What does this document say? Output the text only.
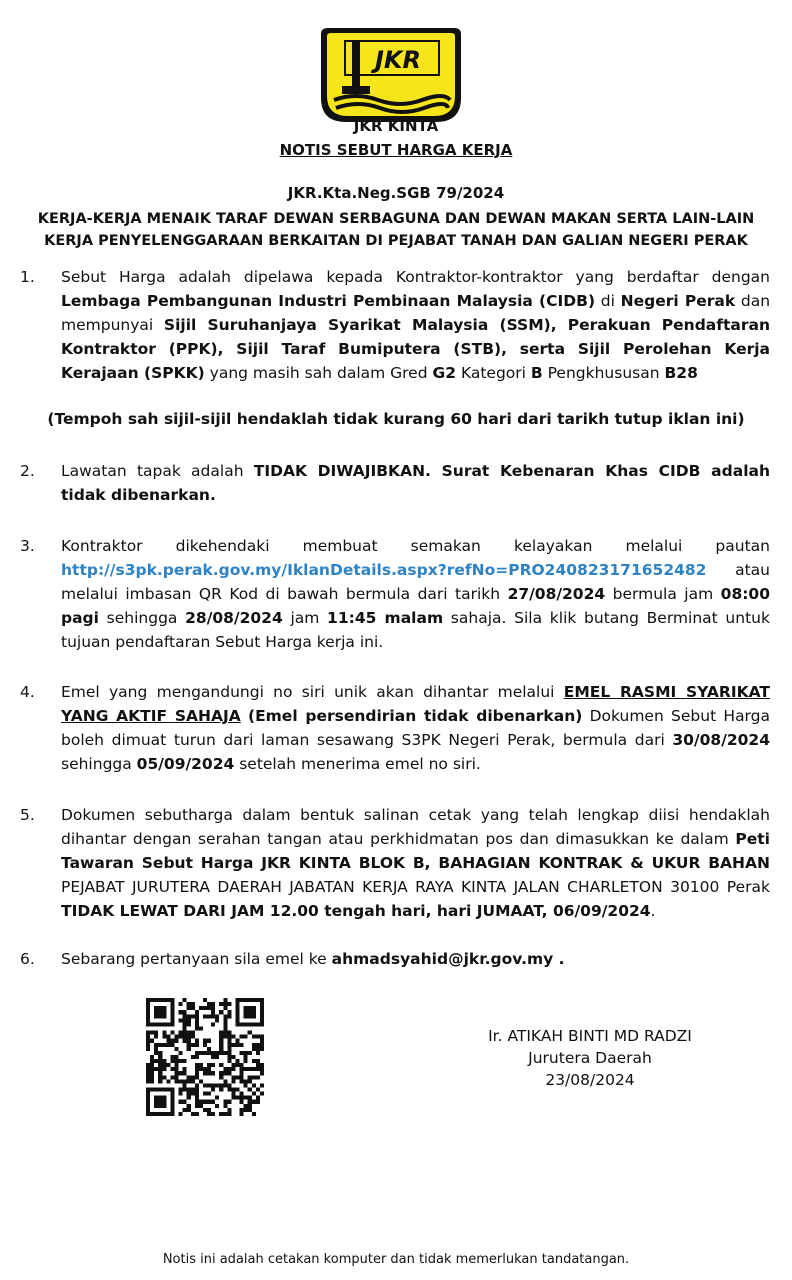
JKR
JKR KINTA
NOTIS SEBUT HARGA KERJA
JKR.Kta.Neg.SGB 79/2024
KERJA-KERJA MENAIK TARAF DEWAN SERBAGUNA DAN DEWAN MAKAN SERTA LAIN-LAIN
KERJA PENYELENGGARAAN BERKAITAN DI PEJABAT TANAH DAN GALIAN NEGERI PERAK
1. Sebut Harga adalah dipelawa kepada Kontraktor-kontraktor yang berdaftar dengan Lembaga Pembangunan Industri Pembinaan Malaysia (CIDB) di Negeri Perak dan mempunyai Sijil Suruhanjaya Syarikat Malaysia (SSM), Perakuan Pendaftaran Kontraktor (PPK), Sijil Taraf Bumiputera (STB), serta Sijil Perolehan Kerja Kerajaan (SPKK) yang masih sah dalam Gred G2 Kategori B Pengkhususan B28
(Tempoh sah sijil-sijil hendaklah tidak kurang 60 hari dari tarikh tutup iklan ini)
2. Lawatan tapak adalah TIDAK DIWAJIBKAN. Surat Kebenaran Khas CIDB adalah tidak dibenarkan.
3. Kontraktor dikehendaki membuat semakan kelayakan melalui pautan http://s3pk.perak.gov.my/IklanDetails.aspx?refNo=PRO240823171652482 atau melalui imbasan QR Kod di bawah bermula dari tarikh 27/08/2024 bermula jam 08:00 pagi sehingga 28/08/2024 jam 11:45 malam sahaja. Sila klik butang Berminat untuk tujuan pendaftaran Sebut Harga kerja ini.
4. Emel yang mengandungi no siri unik akan dihantar melalui EMEL RASMI SYARIKAT YANG AKTIF SAHAJA (Emel persendirian tidak dibenarkan) Dokumen Sebut Harga boleh dimuat turun dari laman sesawang S3PK Negeri Perak, bermula dari 30/08/2024 sehingga 05/09/2024 setelah menerima emel no siri.
5. Dokumen sebutharga dalam bentuk salinan cetak yang telah lengkap diisi hendaklah dihantar dengan serahan tangan atau perkhidmatan pos dan dimasukkan ke dalam Peti Tawaran Sebut Harga JKR KINTA BLOK B, BAHAGIAN KONTRAK & UKUR BAHAN PEJABAT JURUTERA DAERAH JABATAN KERJA RAYA KINTA JALAN CHARLETON 30100 Perak TIDAK LEWAT DARI JAM 12.00 tengah hari, hari JUMAAT, 06/09/2024.
6. Sebarang pertanyaan sila emel ke ahmadsyahid@jkr.gov.my .
Ir. ATIKAH BINTI MD RADZI
Jurutera Daerah
23/08/2024
Notis ini adalah cetakan komputer dan tidak memerlukan tandatangan.
